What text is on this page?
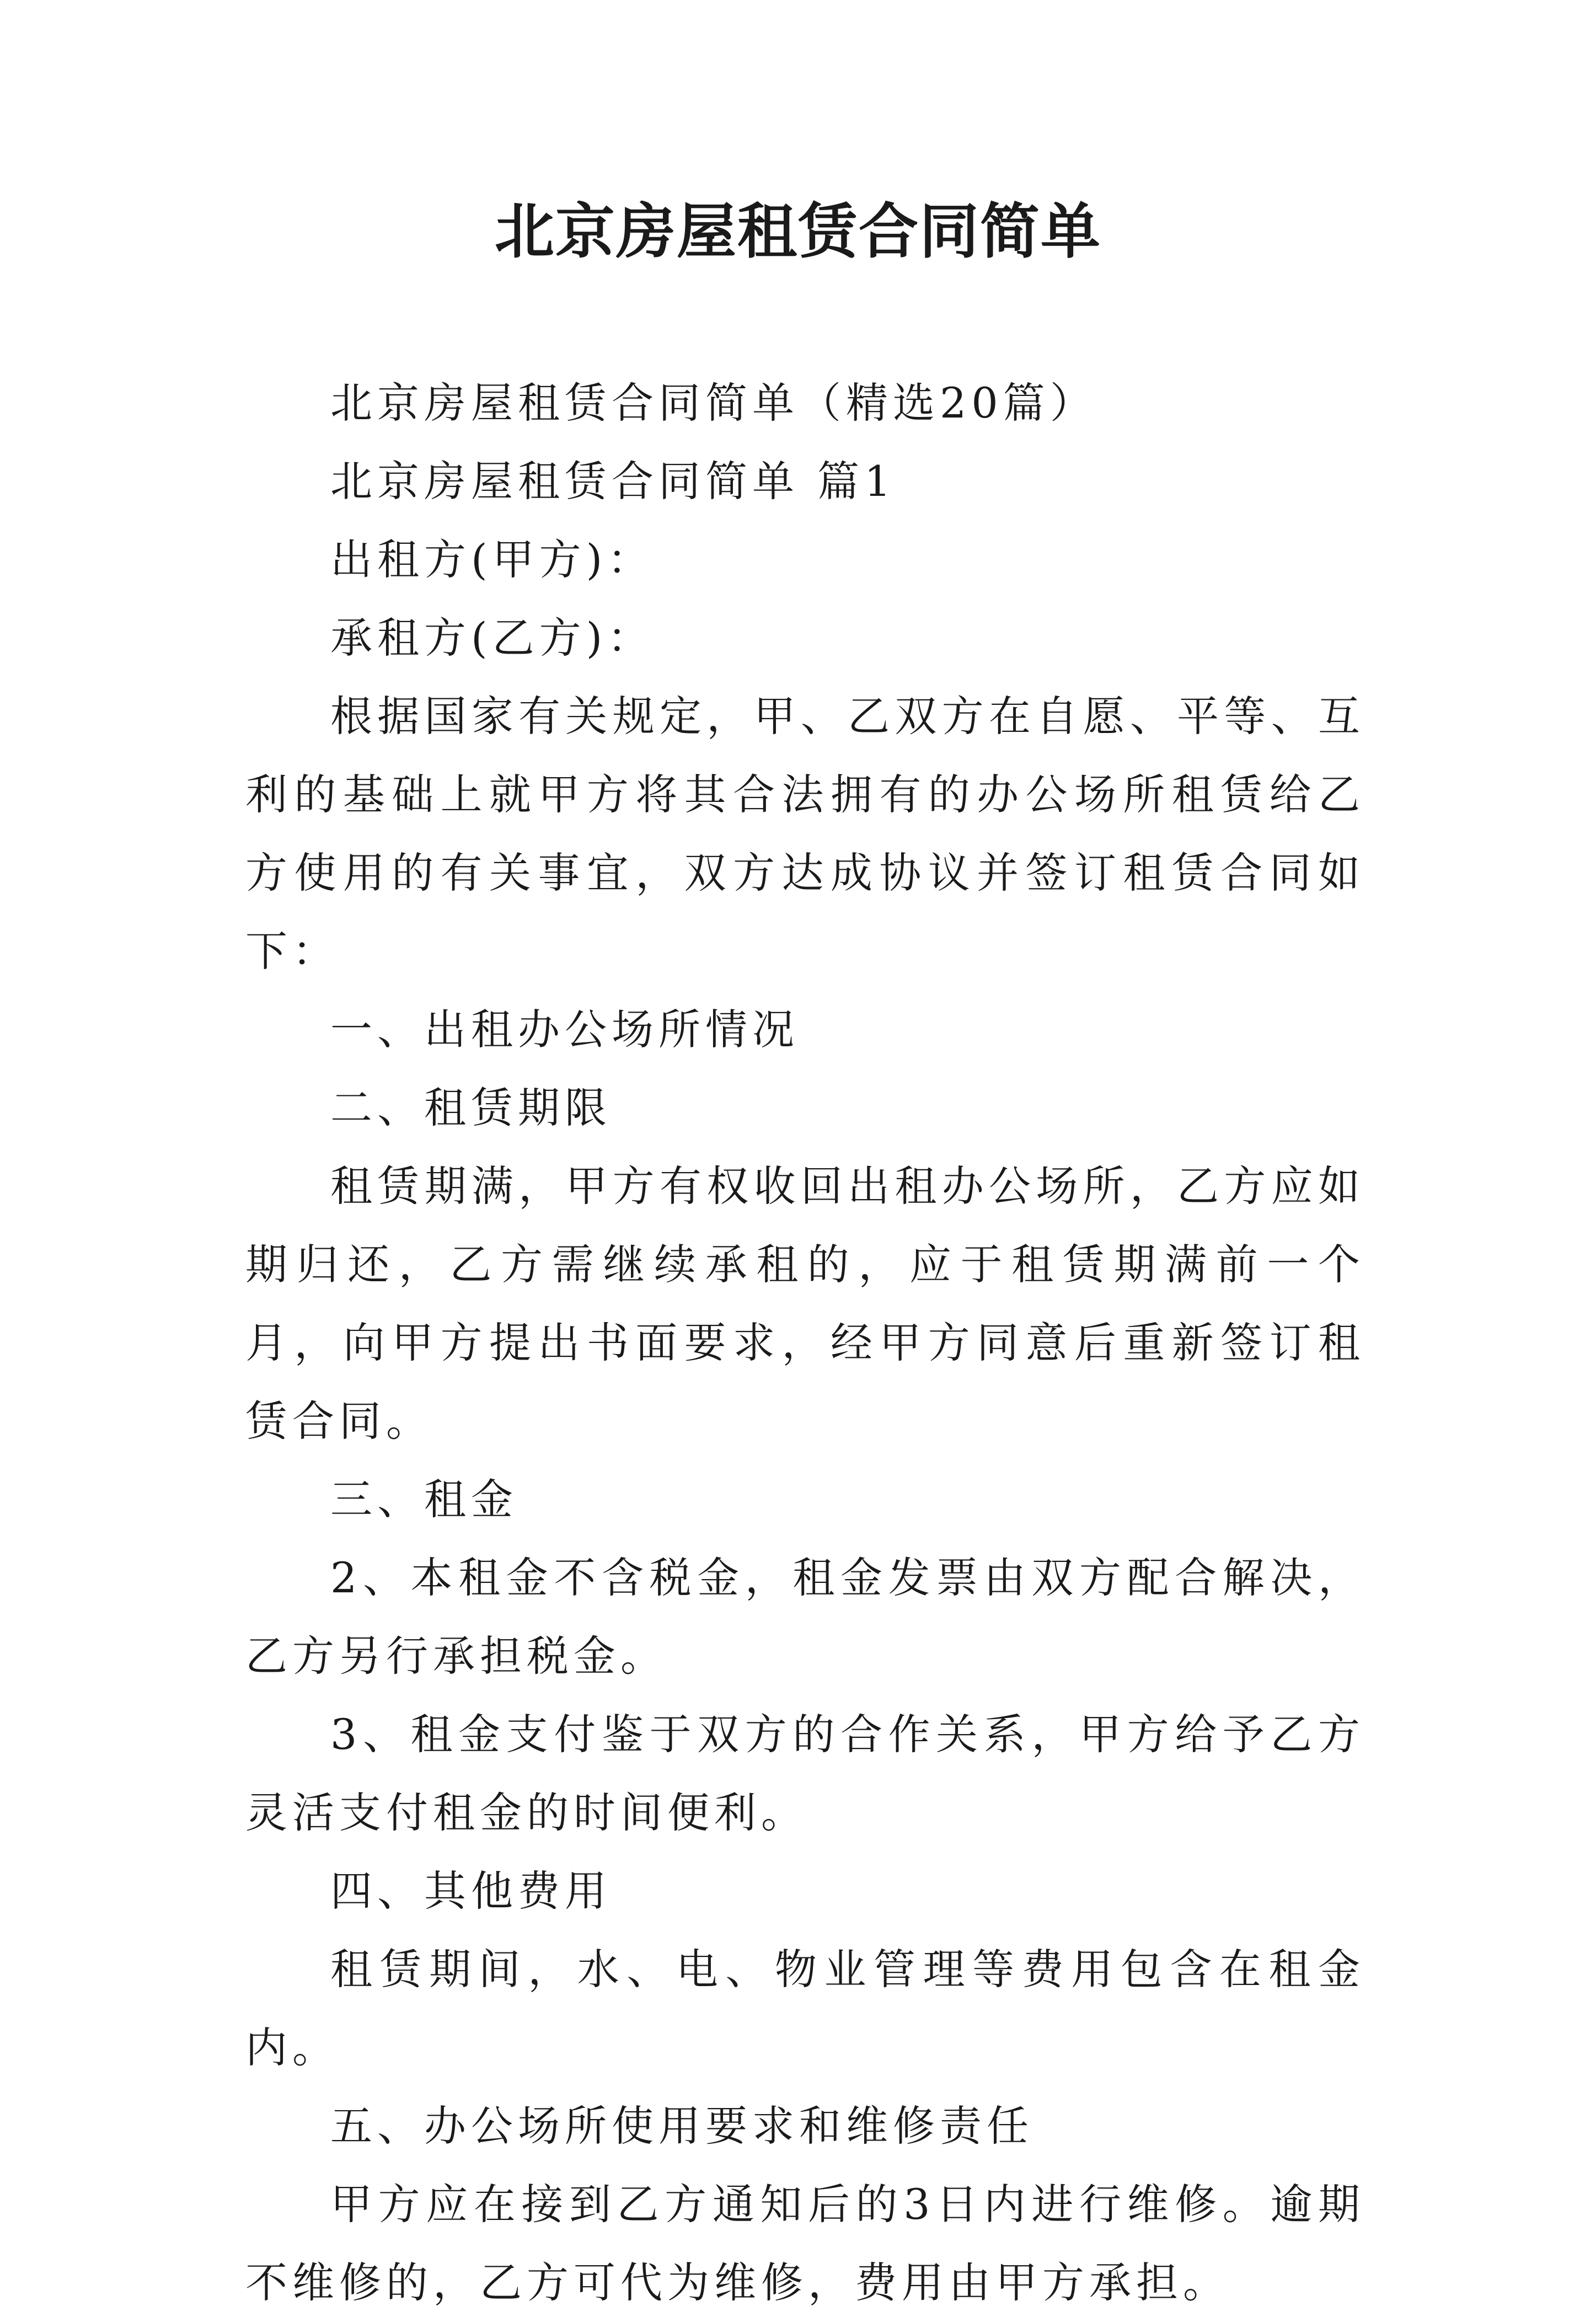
北京房屋租赁合同简单

北京房屋租赁合同简单（精选20篇）

北京房屋租赁合同简单 篇1

出租方(甲方)：

承租方(乙方)：

根据国家有关规定，甲、乙双方在自愿、平等、互利的基础上就甲方将其合法拥有的办公场所租赁给乙方使用的有关事宜，双方达成协议并签订租赁合同如下：

一、出租办公场所情况

二、租赁期限

租赁期满，甲方有权收回出租办公场所，乙方应如期归还，乙方需继续承租的，应于租赁期满前一个月，向甲方提出书面要求，经甲方同意后重新签订租赁合同。

三、租金

2、本租金不含税金，租金发票由双方配合解决，乙方另行承担税金。

3、租金支付鉴于双方的合作关系，甲方给予乙方灵活支付租金的时间便利。

四、其他费用

租赁期间，水、电、物业管理等费用包含在租金内。

五、办公场所使用要求和维修责任

甲方应在接到乙方通知后的3日内进行维修。逾期不维修的，乙方可代为维修，费用由甲方承担。
